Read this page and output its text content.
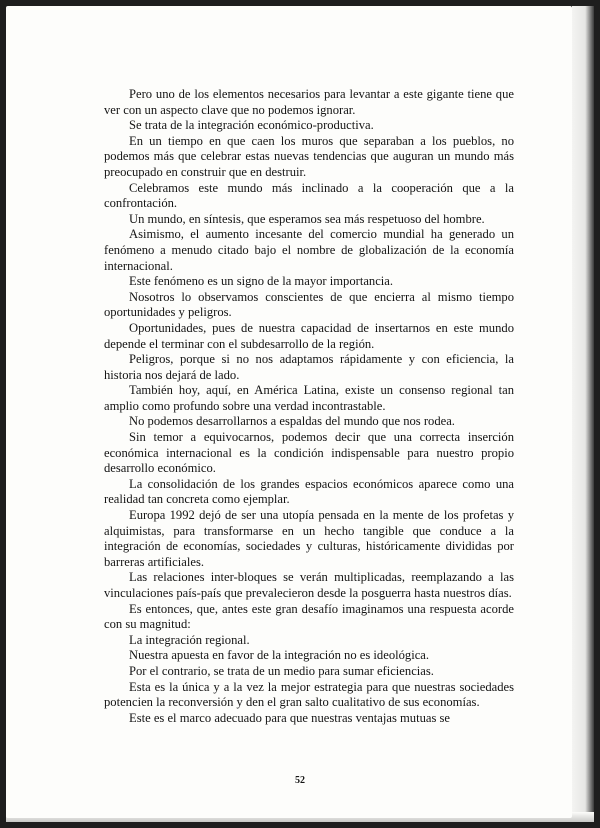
Pero uno de los elementos necesarios para levantar a este gigante tiene que ver con un aspecto clave que no podemos ignorar.

Se trata de la integración económico-productiva.

En un tiempo en que caen los muros que separaban a los pueblos, no podemos más que celebrar estas nuevas tendencias que auguran un mundo más preocupado en construir que en destruir.

Celebramos este mundo más inclinado a la cooperación que a la confrontación.

Un mundo, en síntesis, que esperamos sea más respetuoso del hombre.

Asimismo, el aumento incesante del comercio mundial ha generado un fenómeno a menudo citado bajo el nombre de globalización de la economía internacional.

Este fenómeno es un signo de la mayor importancia.

Nosotros lo observamos conscientes de que encierra al mismo tiempo oportunidades y peligros.

Oportunidades, pues de nuestra capacidad de insertarnos en este mundo depende el terminar con el subdesarrollo de la región.

Peligros, porque si no nos adaptamos rápidamente y con eficiencia, la historia nos dejará de lado.

También hoy, aquí, en América Latina, existe un consenso regional tan amplio como profundo sobre una verdad incontrastable.

No podemos desarrollarnos a espaldas del mundo que nos rodea.

Sin temor a equivocarnos, podemos decir que una correcta inserción económica internacional es la condición indispensable para nuestro propio desarrollo económico.

La consolidación de los grandes espacios económicos aparece como una realidad tan concreta como ejemplar.

Europa 1992 dejó de ser una utopía pensada en la mente de los profetas y alquimistas, para transformarse en un hecho tangible que conduce a la integración de economías, sociedades y culturas, históricamente divididas por barreras artificiales.

Las relaciones inter-bloques se verán multiplicadas, reemplazando a las vinculaciones país-país que prevalecieron desde la posguerra hasta nuestros días.

Es entonces, que, antes este gran desafío imaginamos una respuesta acorde con su magnitud:

La integración regional.

Nuestra apuesta en favor de la integración no es ideológica.

Por el contrario, se trata de un medio para sumar eficiencias.

Esta es la única y a la vez la mejor estrategia para que nuestras sociedades potencien la reconversión y den el gran salto cualitativo de sus economías.

Este es el marco adecuado para que nuestras ventajas mutuas se

52
